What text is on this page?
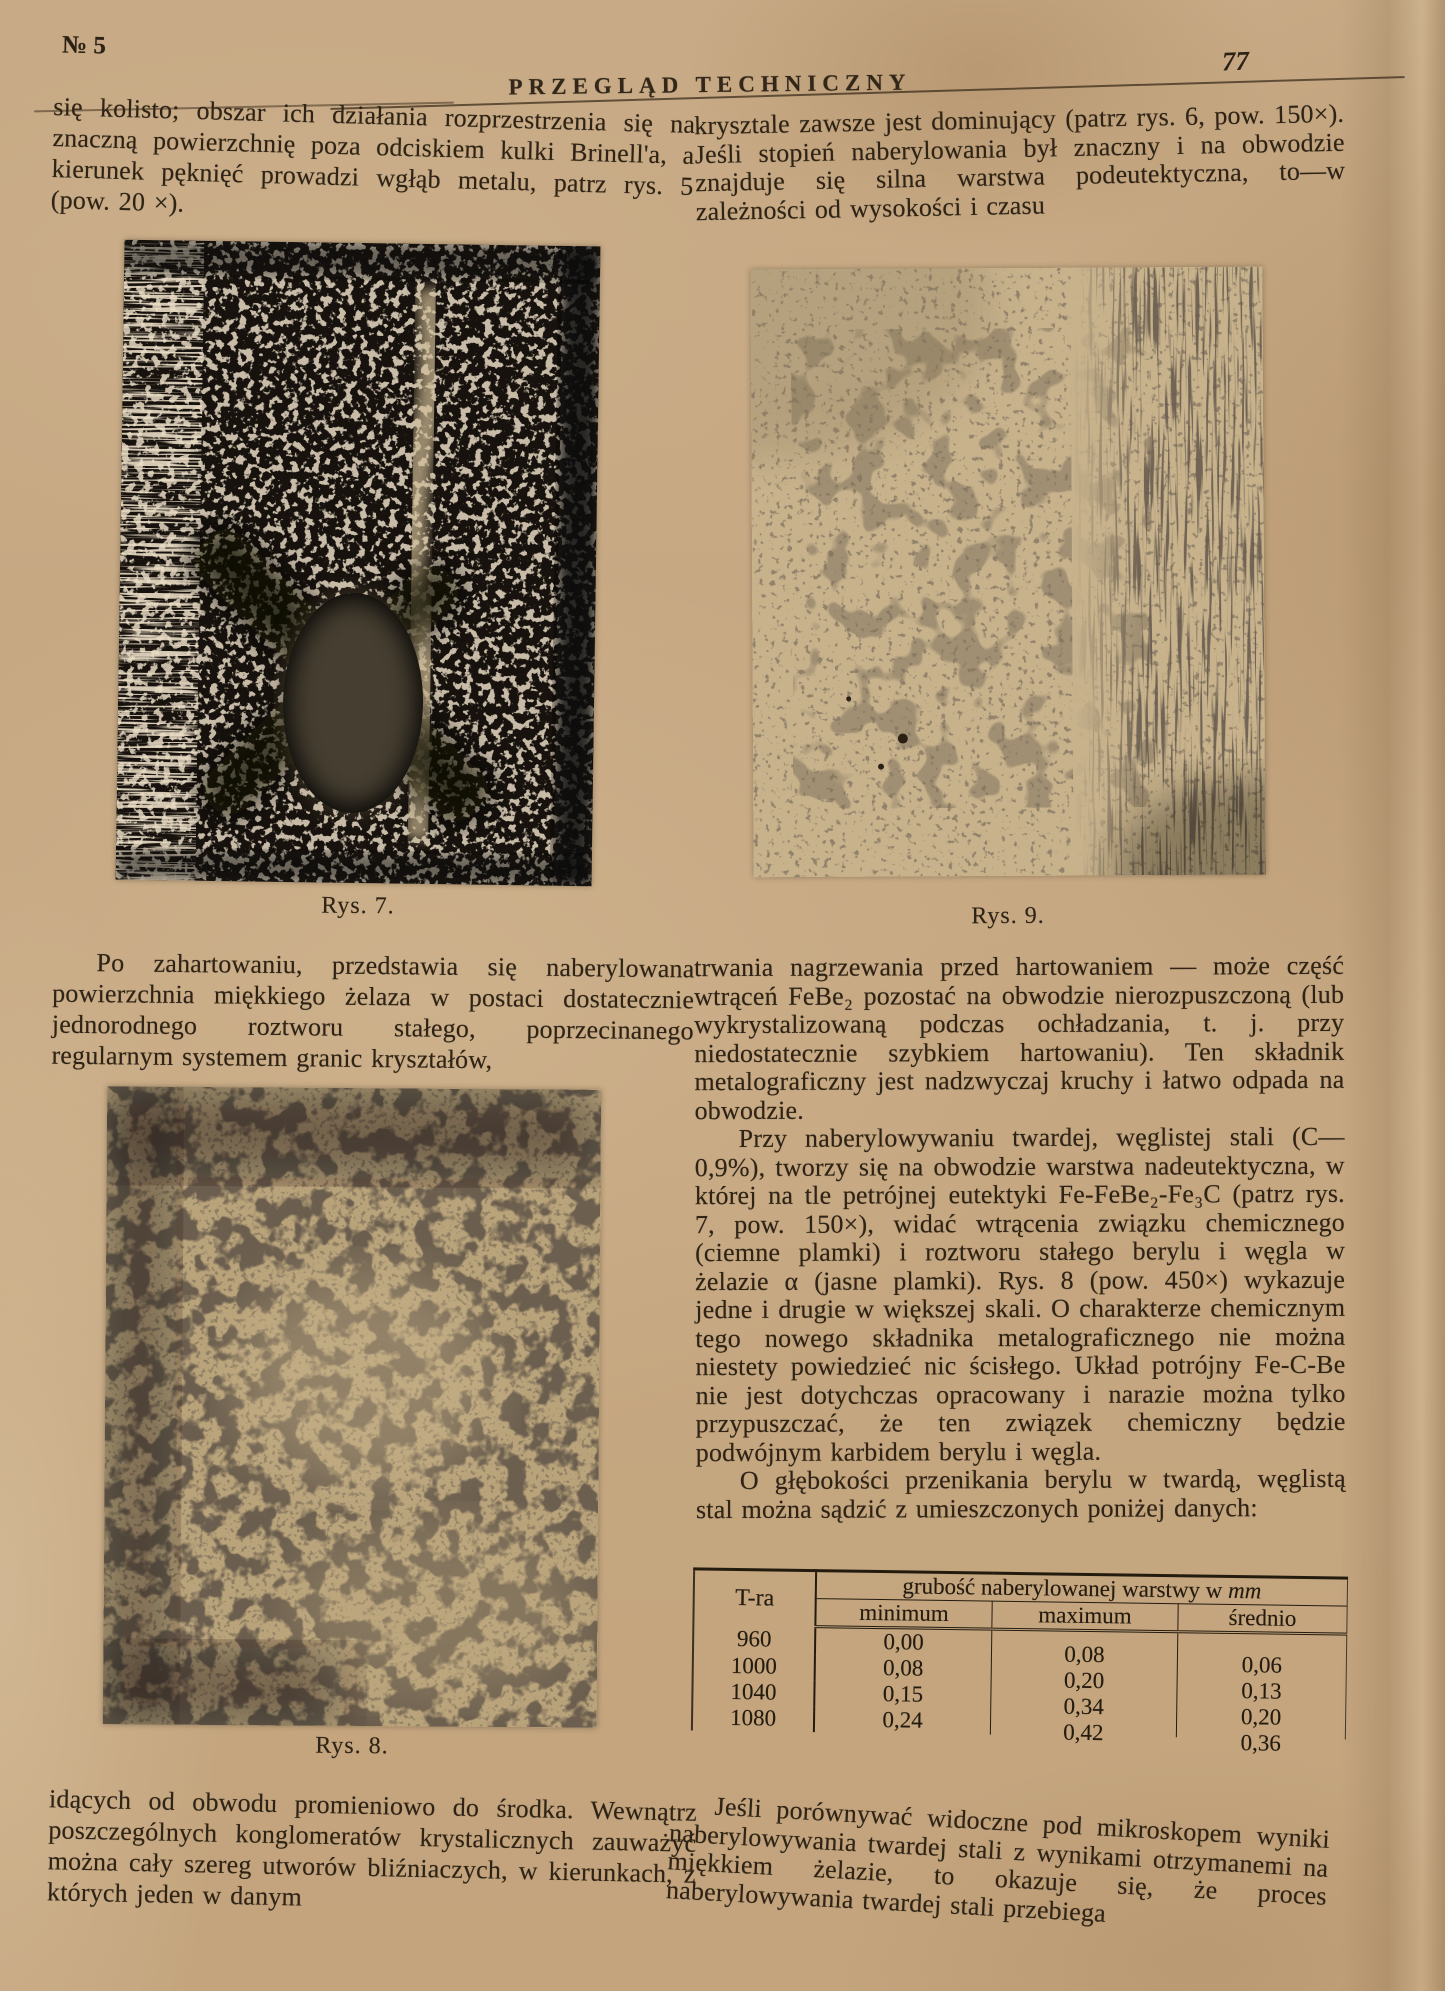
№ 5
PRZEGLĄD TECHNICZNY
77

się kolisto; obszar ich działania rozprzestrzenia się na znaczną powierzchnię poza odciskiem kulki Brinell'a, a kierunek pęknięć prowadzi wgłąb metalu, patrz rys. 5 (pow. 20 ×).

Rys. 7.

Po zahartowaniu, przedstawia się naberylowana powierzchnia miękkiego żelaza w postaci dostatecznie jednorodnego roztworu stałego, poprzecinanego regularnym systemem granic kryształów,

Rys. 8.

idących od obwodu promieniowo do środka. Wewnątrz poszczególnych konglomeratów krystalicznych zauważyć można cały szereg utworów bliźniaczych, w kierunkach, z których jeden w danym

krysztale zawsze jest dominujący (patrz rys. 6, pow. 150×). Jeśli stopień naberylowania był znaczny i na obwodzie znajduje się silna warstwa podeutektyczna, to—w zależności od wysokości i czasu

Rys. 9.

trwania nagrzewania przed hartowaniem — może część wtrąceń FeBe₂ pozostać na obwodzie nierozpuszczoną (lub wykrystalizowaną podczas ochładzania, t. j. przy niedostatecznie szybkiem hartowaniu). Ten składnik metalograficzny jest nadzwyczaj kruchy i łatwo odpada na obwodzie.

Przy naberylowywaniu twardej, węglistej stali (C—0,9%), tworzy się na obwodzie warstwa nadeutektyczna, w której na tle petrójnej eutektyki Fe-FeBe₂-Fe₃C (patrz rys. 7, pow. 150×), widać wtrącenia związku chemicznego (ciemne plamki) i roztworu stałego berylu i węgla w żelazie α (jasne plamki). Rys. 8 (pow. 450×) wykazuje jedne i drugie w większej skali. O charakterze chemicznym tego nowego składnika metalograficznego nie można niestety powiedzieć nic ścisłego. Układ potrójny Fe-C-Be nie jest dotychczas opracowany i narazie można tylko przypuszczać, że ten związek chemiczny będzie podwójnym karbidem berylu i węgla.

O głębokości przenikania berylu w twardą, węglistą stal można sądzić z umieszczonych poniżej danych:

T-ra	grubość naberylowanej warstwy w mm		
	minimum	maximum	średnio
960	0,00	0,08	0,06
1000	0,08	0,20	0,13
1040	0,15	0,34	0,20
1080	0,24	0,42	0,36

Jeśli porównywać widoczne pod mikroskopem wyniki naberylowywania twardej stali z wynikami otrzymanemi na miękkiem żelazie, to okazuje się, że proces naberylowywania twardej stali przebiega
